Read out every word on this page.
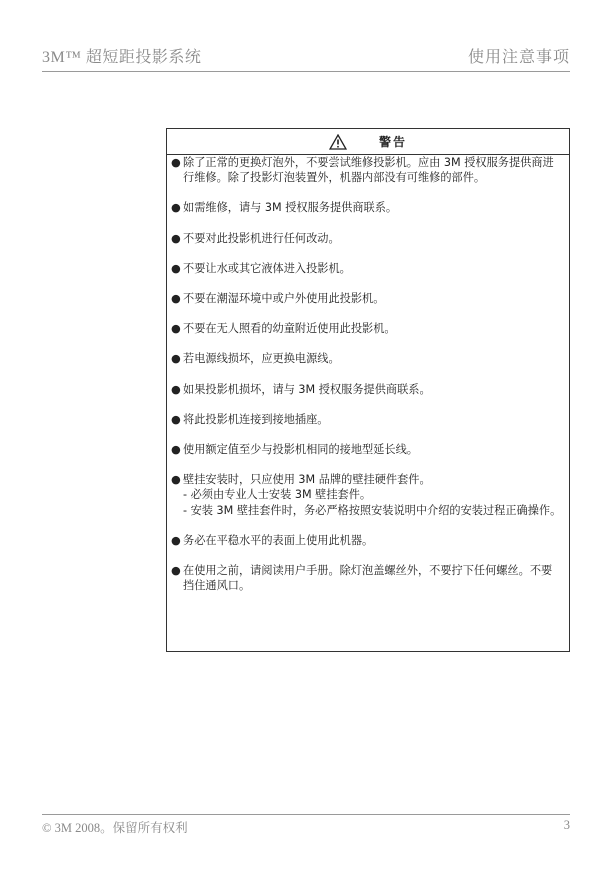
3M™ 超短距投影系统	使用注意事项
警告
● 除了正常的更换灯泡外，不要尝试维修投影机。应由 3M 授权服务提供商进行维修。除了投影灯泡装置外，机器内部没有可维修的部件。
● 如需维修，请与 3M 授权服务提供商联系。
● 不要对此投影机进行任何改动。
● 不要让水或其它液体进入投影机。
● 不要在潮湿环境中或户外使用此投影机。
● 不要在无人照看的幼童附近使用此投影机。
● 若电源线损坏，应更换电源线。
● 如果投影机损坏，请与 3M 授权服务提供商联系。
● 将此投影机连接到接地插座。
● 使用额定值至少与投影机相同的接地型延长线。
● 壁挂安装时，只应使用 3M 品牌的壁挂硬件套件。
- 必须由专业人士安装 3M 壁挂套件。
- 安装 3M 壁挂套件时，务必严格按照安装说明中介绍的安装过程正确操作。
● 务必在平稳水平的表面上使用此机器。
● 在使用之前，请阅读用户手册。除灯泡盖螺丝外，不要拧下任何螺丝。不要挡住通风口。
© 3M 2008。保留所有权利	3
